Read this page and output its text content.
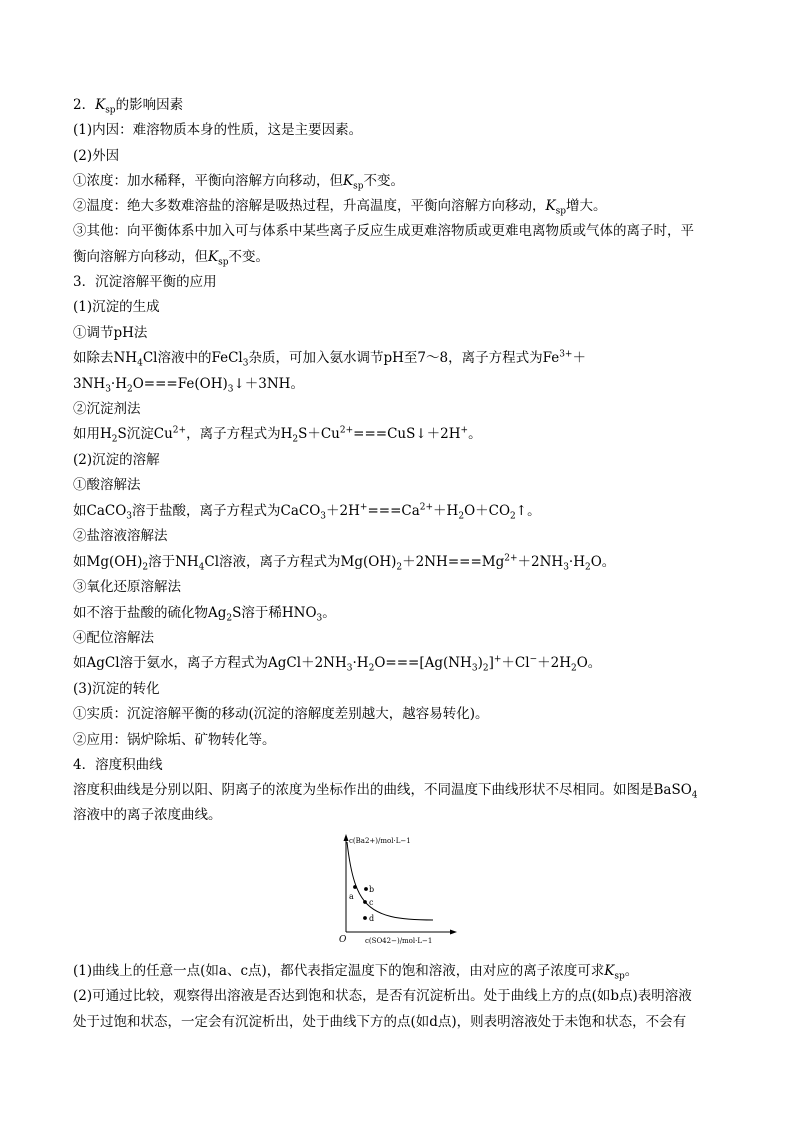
2．$K_{sp}$的影响因素
(1)内因：难溶物质本身的性质，这是主要因素。
(2)外因
①浓度：加水稀释，平衡向溶解方向移动，但$K_{sp}$不变。
②温度：绝大多数难溶盐的溶解是吸热过程，升高温度，平衡向溶解方向移动，$K_{sp}$增大。
③其他：向平衡体系中加入可与体系中某些离子反应生成更难溶物质或更难电离物质或气体的离子时，平
衡向溶解方向移动，但$K_{sp}$不变。
3．沉淀溶解平衡的应用
(1)沉淀的生成
①调节pH法
如除去$NH_4Cl$溶液中的FeCl$_3$杂质，可加入氨水调节pH至7～8，离子方程式为$Fe^{3+}+$
$3NH_3\cdot H_2O===Fe(OH)_3↓+3NH$。
②沉淀剂法
如用$H_2S$沉淀$Cu^{2+}$，离子方程式为$H_2S+Cu^{2+}===CuS↓+2H^+$。
(2)沉淀的溶解
①酸溶解法
如CaCO$_3$溶于盐酸，离子方程式为$CaCO_3+2H^+===Ca^{2+}+H_2O+CO_2↑$。
②盐溶液溶解法
如$Mg(OH)_2$溶于$NH_4Cl$溶液，离子方程式为$Mg(OH)_2+2NH===Mg^{2+}+2NH_3\cdot H_2O$。
③氧化还原溶解法
如不溶于盐酸的硫化物$Ag_2S$溶于稀$HNO_3$。
④配位溶解法
如AgCl溶于氨水，离子方程式为$AgCl+2NH_3\cdot H_2O===[Ag(NH_3)_2]^++Cl^-+2H_2O$。
(3)沉淀的转化
①实质：沉淀溶解平衡的移动(沉淀的溶解度差别越大，越容易转化)。
②应用：锅炉除垢、矿物转化等。
4．溶度积曲线
溶度积曲线是分别以阳、阴离子的浓度为坐标作出的曲线，不同温度下曲线形状不尽相同。如图是BaSO$_4$
溶液中的离子浓度曲线。
c(Ba2+)/mol·L−1
c(SO42−)/mol·L−1
O
a
b
c
d
(1)曲线上的任意一点(如a、c点)，都代表指定温度下的饱和溶液，由对应的离子浓度可求$K_{sp}$。
(2)可通过比较，观察得出溶液是否达到饱和状态，是否有沉淀析出。处于曲线上方的点(如b点)表明溶液
处于过饱和状态，一定会有沉淀析出，处于曲线下方的点(如d点)，则表明溶液处于未饱和状态，不会有
